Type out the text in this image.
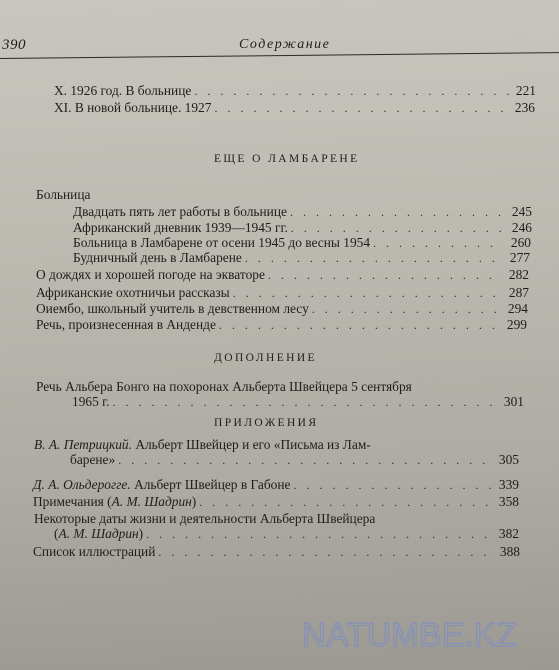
390	Содержание
X. 1926 год. В больнице . . .	221
XI. В новой больнице. 1927 . . .	236
ЕЩЕ О ЛАМБАРЕНЕ
Больница
Двадцать пять лет работы в больнице . . .	245
Африканский дневник 1939—1945 гг. . . .	246
Больница в Ламбарене от осени 1945 до весны 1954 . . .	260
Будничный день в Ламбарене . . .	277
О дождях и хорошей погоде на экваторе . . .	282
Африканские охотничьи рассказы . . .	287
Оиембо, школьный учитель в девственном лесу . . .	294
Речь, произнесенная в Анденде . . .	299
ДОПОЛНЕНИЕ
Речь Альбера Бонго на похоронах Альберта Швейцера 5 сентября
1965 г. . . .	301
ПРИЛОЖЕНИЯ
В. А. Петрицкий. Альберт Швейцер и его «Письма из Лам-
барене» . . .	305
Д. А. Ольдерогге. Альберт Швейцер в Габоне . . .	339
Примечания (А. М. Шадрин) . . .	358
Некоторые даты жизни и деятельности Альберта Швейцера
(А. М. Шадрин) . . .	382
Список иллюстраций . . .	388
NATUMBE.KZ
